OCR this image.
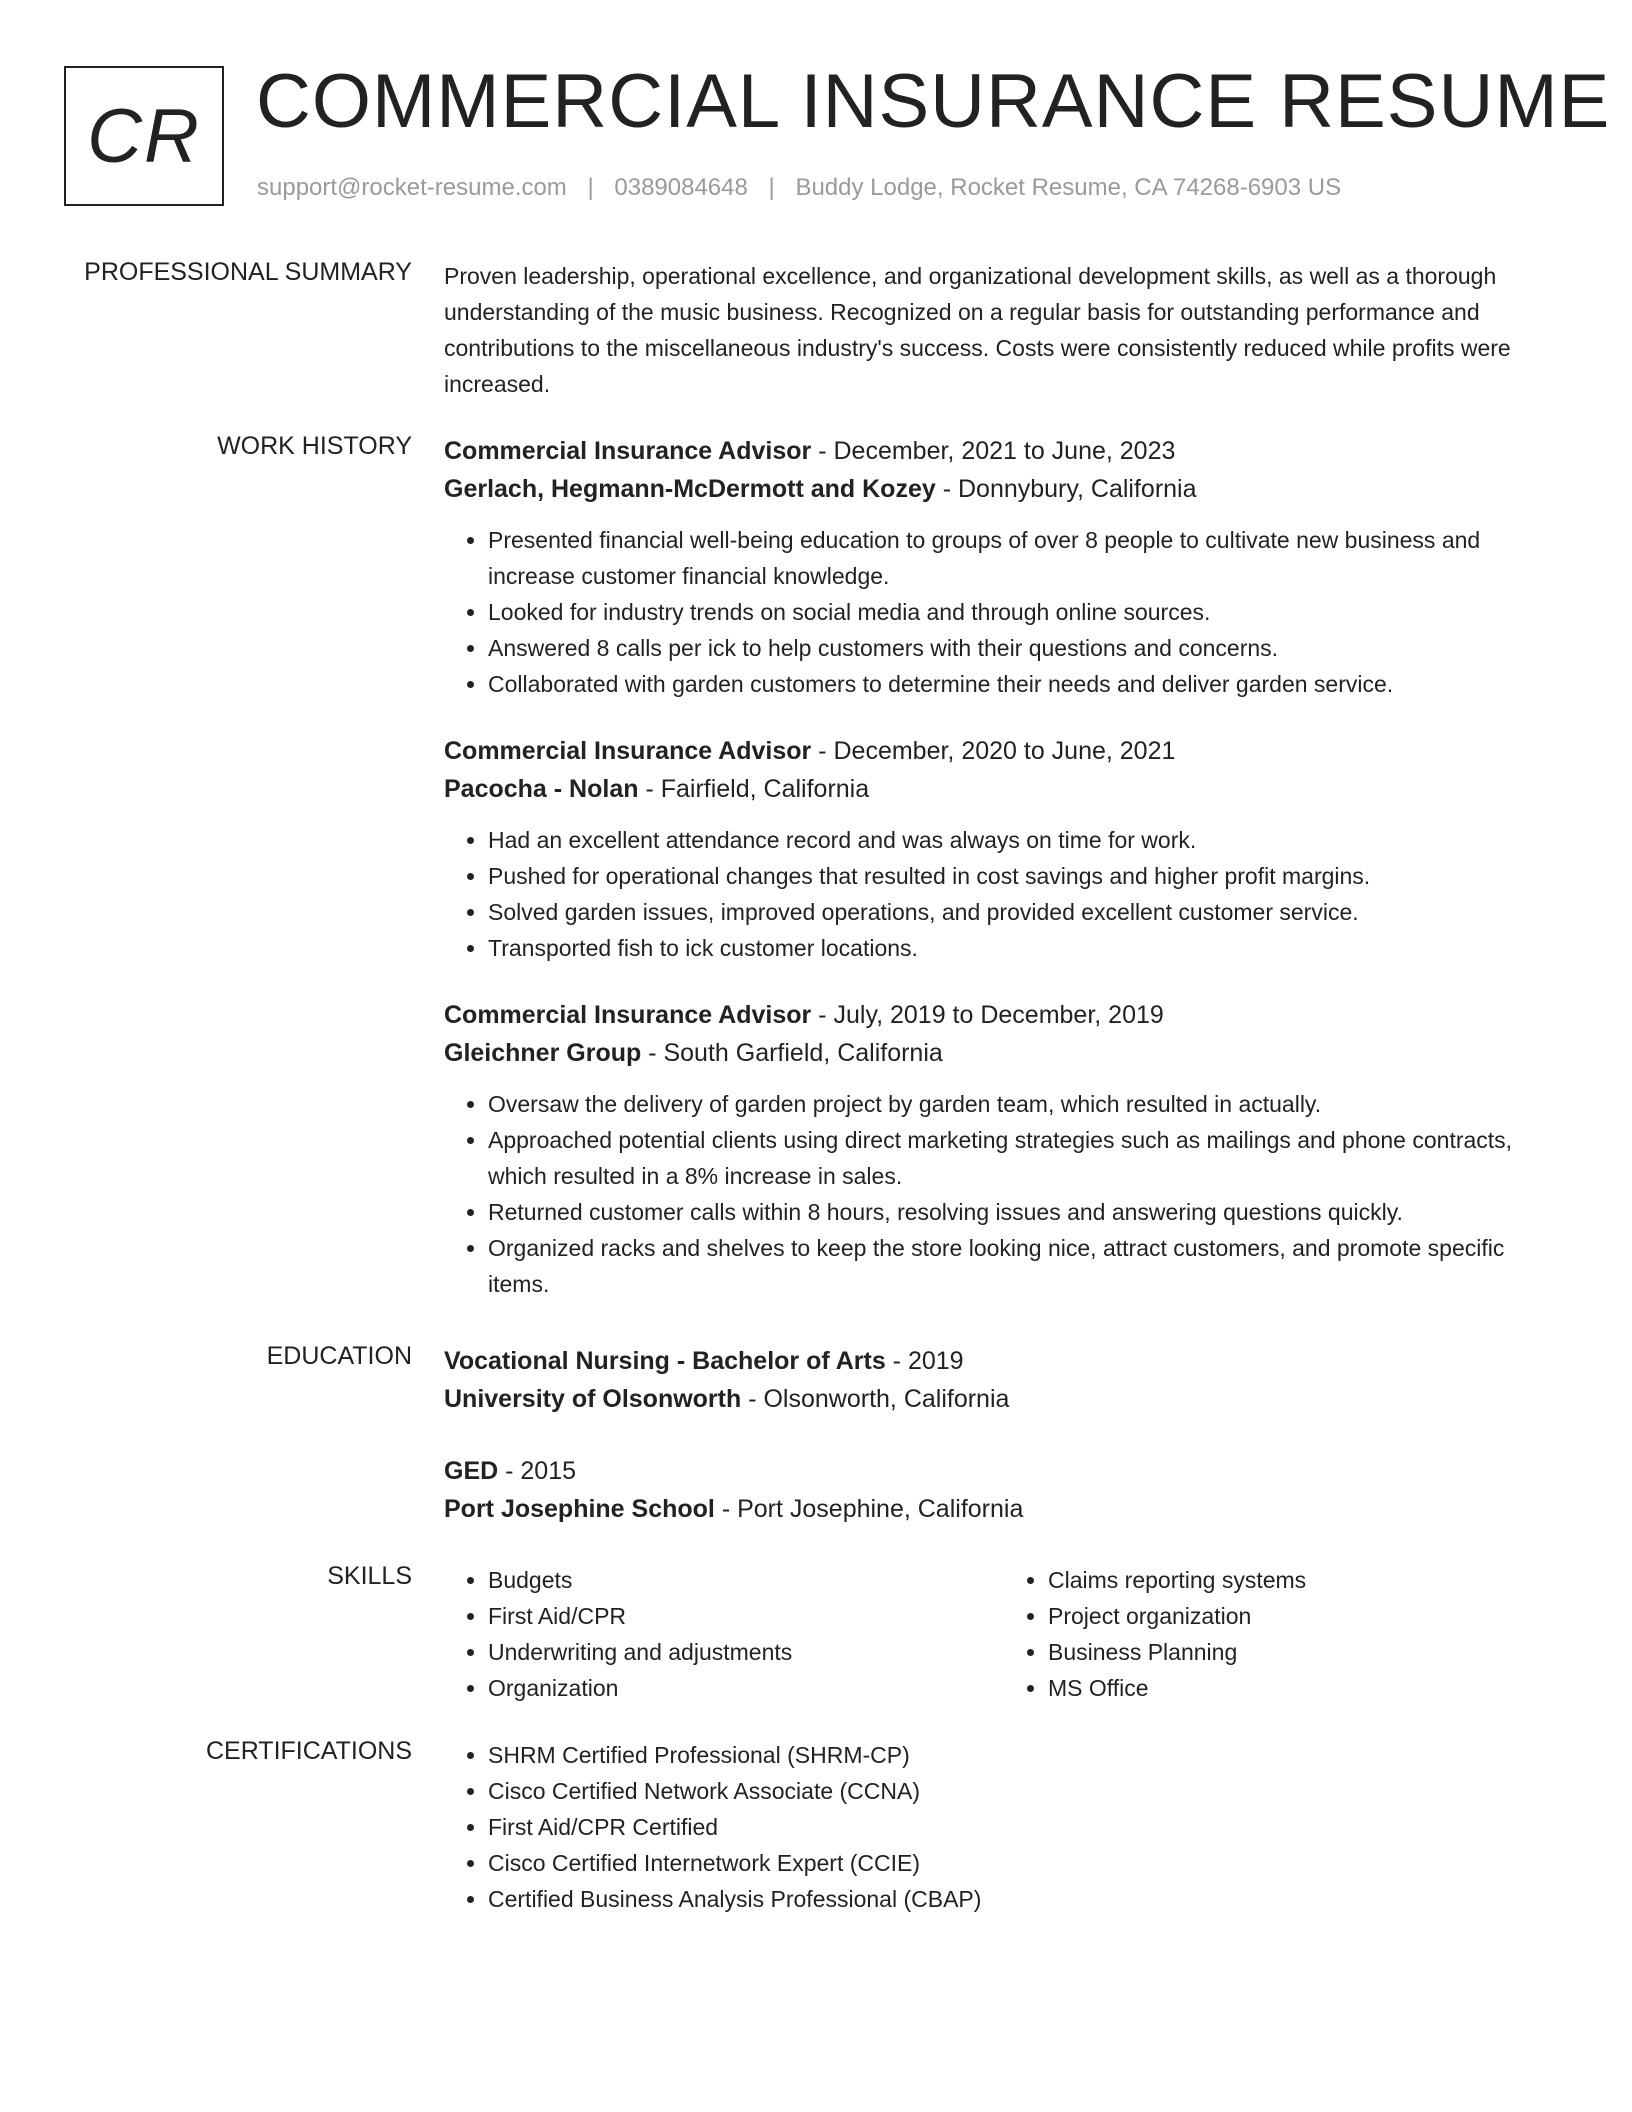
CR COMMERCIAL INSURANCE RESUME
support@rocket-resume.com | 0389084648 | Buddy Lodge, Rocket Resume, CA 74268-6903 US
PROFESSIONAL SUMMARY Proven leadership, operational excellence, and organizational development skills, as well as a thorough understanding of the music business. Recognized on a regular basis for outstanding performance and contributions to the miscellaneous industry's success. Costs were consistently reduced while profits were increased.

WORK HISTORY Commercial Insurance Advisor - December, 2021 to June, 2023
Gerlach, Hegmann-McDermott and Kozey - Donnybury, California
• Presented financial well-being education to groups of over 8 people to cultivate new business and increase customer financial knowledge.
• Looked for industry trends on social media and through online sources.
• Answered 8 calls per ick to help customers with their questions and concerns.
• Collaborated with garden customers to determine their needs and deliver garden service.
Commercial Insurance Advisor - December, 2020 to June, 2021
Pacocha - Nolan - Fairfield, California
• Had an excellent attendance record and was always on time for work.
• Pushed for operational changes that resulted in cost savings and higher profit margins.
• Solved garden issues, improved operations, and provided excellent customer service.
• Transported fish to ick customer locations.
Commercial Insurance Advisor - July, 2019 to December, 2019
Gleichner Group - South Garfield, California
• Oversaw the delivery of garden project by garden team, which resulted in actually.
• Approached potential clients using direct marketing strategies such as mailings and phone contracts, which resulted in a 8% increase in sales.
• Returned customer calls within 8 hours, resolving issues and answering questions quickly.
• Organized racks and shelves to keep the store looking nice, attract customers, and promote specific items.
EDUCATION Vocational Nursing - Bachelor of Arts - 2019
University of Olsonworth - Olsonworth, California
GED - 2015
Port Josephine School - Port Josephine, California
SKILLS	• Budgets
• First Aid/CPR
• Underwriting and adjustments
• Organization
• Claims reporting systems
• Project organization
• Business Planning
• MS Office
CERTIFICATIONS	• SHRM Certified Professional (SHRM-CP)
• Cisco Certified Network Associate (CCNA)
• First Aid/CPR Certified
• Cisco Certified Internetwork Expert (CCIE)
• Certified Business Analysis Professional (CBAP)
